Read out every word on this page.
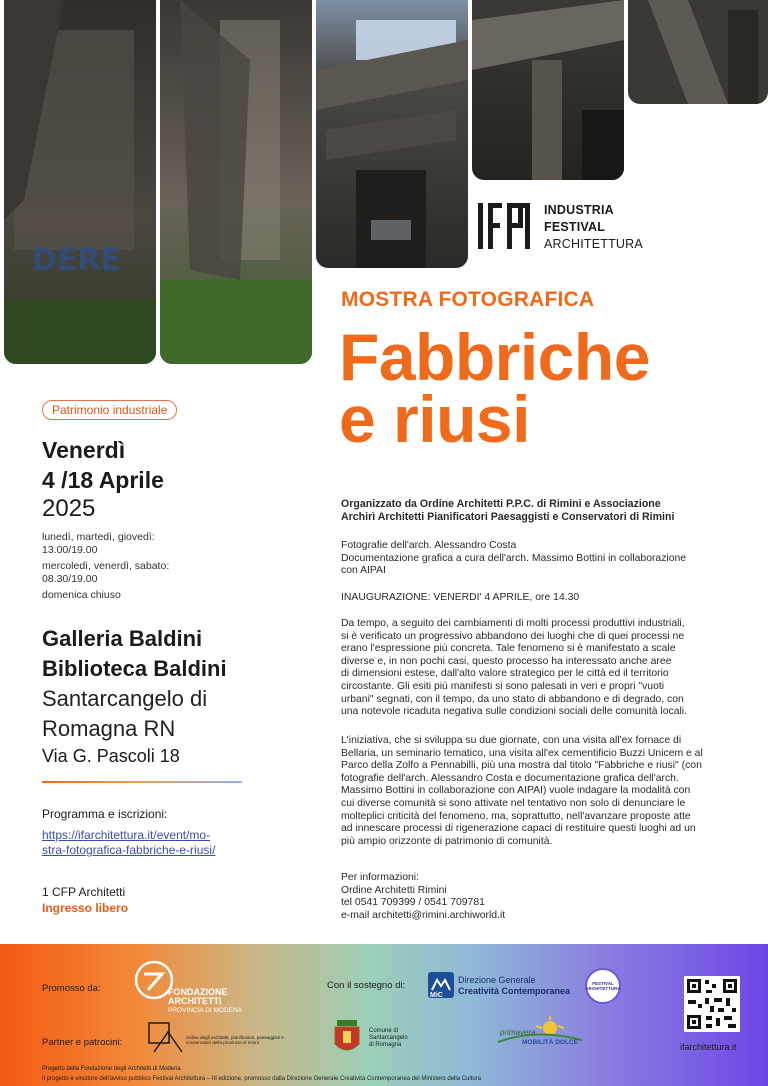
DERE
INDUSTRIA
FESTIVAL
ARCHITETTURA
MOSTRA FOTOGRAFICA
Fabbriche
e riusi
Patrimonio industriale
Venerdì
4 /18 Aprile
2025
lunedì, martedì, giovedì:
13.00/19.00
mercoledì, venerdì, sabato:
08.30/19.00
domenica chiuso
Galleria Baldini
Biblioteca Baldini
Santarcangelo di
Romagna RN
Via G. Pascoli 18
Programma e iscrizioni:
https://ifarchitettura.it/event/mo-
stra-fotografica-fabbriche-e-riusi/
1 CFP Architetti
Ingresso libero
Organizzato da Ordine Architetti P.P.C. di Rimini e Associazione
Archirì Architetti Pianificatori Paesaggisti e Conservatori di Rimini
Fotografie dell'arch. Alessandro Costa
Documentazione grafica a cura dell'arch. Massimo Bottini in collaborazione
con AIPAI
INAUGURAZIONE: VENERDI' 4 APRILE, ore 14.30
Da tempo, a seguito dei cambiamenti di molti processi produttivi industriali,
si è verificato un progressivo abbandono dei luoghi che di quei processi ne
erano l'espressione più concreta. Tale fenomeno si è manifestato a scale
diverse e, in non pochi casi, questo processo ha interessato anche aree
di dimensioni estese, dall'alto valore strategico per le città ed il territorio
circostante. Gli esiti più manifesti si sono palesati in veri e propri "vuoti
urbani" segnati, con il tempo, da uno stato di abbandono e di degrado, con
una notevole ricaduta negativa sulle condizioni sociali delle comunità locali.
L'iniziativa, che si sviluppa su due giornate, con una visita all'ex fornace di
Bellaria, un seminario tematico, una visita all'ex cementificio Buzzi Unicem e al
Parco della Zolfo a Pennabilli, più una mostra dal titolo "Fabbriche e riusi" (con
fotografie dell'arch. Alessandro Costa e documentazione grafica dell'arch.
Massimo Bottini in collaborazione con AIPAI) vuole indagare la modalità con
cui diverse comunità si sono attivate nel tentativo non solo di denunciare le
molteplici criticità del fenomeno, ma, soprattutto, nell'avanzare proposte atte
ad innescare processi di rigenerazione capaci di restituire questi luoghi ad un
più ampio orizzonte di patrimonio di comunità.
Per informazioni:
Ordine Architetti Rimini
tel 0541 709399 / 0541 709781
e-mail architetti@rimini.archiworld.it
Promosso da:	FONDAZIONE
ARCHITETTI
PROVINCIA DI MODENA
Con il sostegno di:
MiC
Direzione Generale
Creatività Contemporanea
FESTIVAL ARCHITETTURA
ifarchitettura.it
Partner e patrocini:	ordine degli architetti, pianificatori, paesaggisti e conservatori della provincia di rimini
Comune di
Santarcangelo
di Romagna
primavera
MOBILITÀ DOLCE
Progetto della Fondazione degli Architetti di Modena
Il progetto è vincitore dell'avviso pubblico Festival Architettura – III edizione, promosso dalla Direzione Generale Creatività Contemporanea del Ministero della Cultura
